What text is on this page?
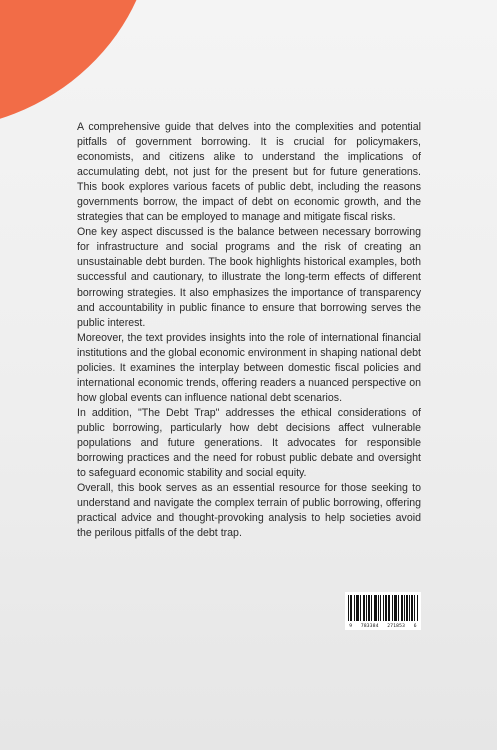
A comprehensive guide that delves into the complexities and potential pitfalls of government borrowing. It is crucial for policymakers, economists, and citizens alike to understand the implications of accumulating debt, not just for the present but for future generations. This book explores various facets of public debt, including the reasons governments borrow, the impact of debt on economic growth, and the strategies that can be employed to manage and mitigate fiscal risks.

One key aspect discussed is the balance between necessary borrowing for infrastructure and social programs and the risk of creating an unsustainable debt burden. The book highlights historical examples, both successful and cautionary, to illustrate the long-term effects of different borrowing strategies. It also emphasizes the importance of transparency and accountability in public finance to ensure that borrowing serves the public interest.

Moreover, the text provides insights into the role of international financial institutions and the global economic environment in shaping national debt policies. It examines the interplay between domestic fiscal policies and international economic trends, offering readers a nuanced perspective on how global events can influence national debt scenarios.

In addition, "The Debt Trap" addresses the ethical considerations of public borrowing, particularly how debt decisions affect vulnerable populations and future generations. It advocates for responsible borrowing practices and the need for robust public debate and oversight to safeguard economic stability and social equity.

Overall, this book serves as an essential resource for those seeking to understand and navigate the complex terrain of public borrowing, offering practical advice and thought-provoking analysis to help societies avoid the perilous pitfalls of the debt trap.

9 783384 271853 6
